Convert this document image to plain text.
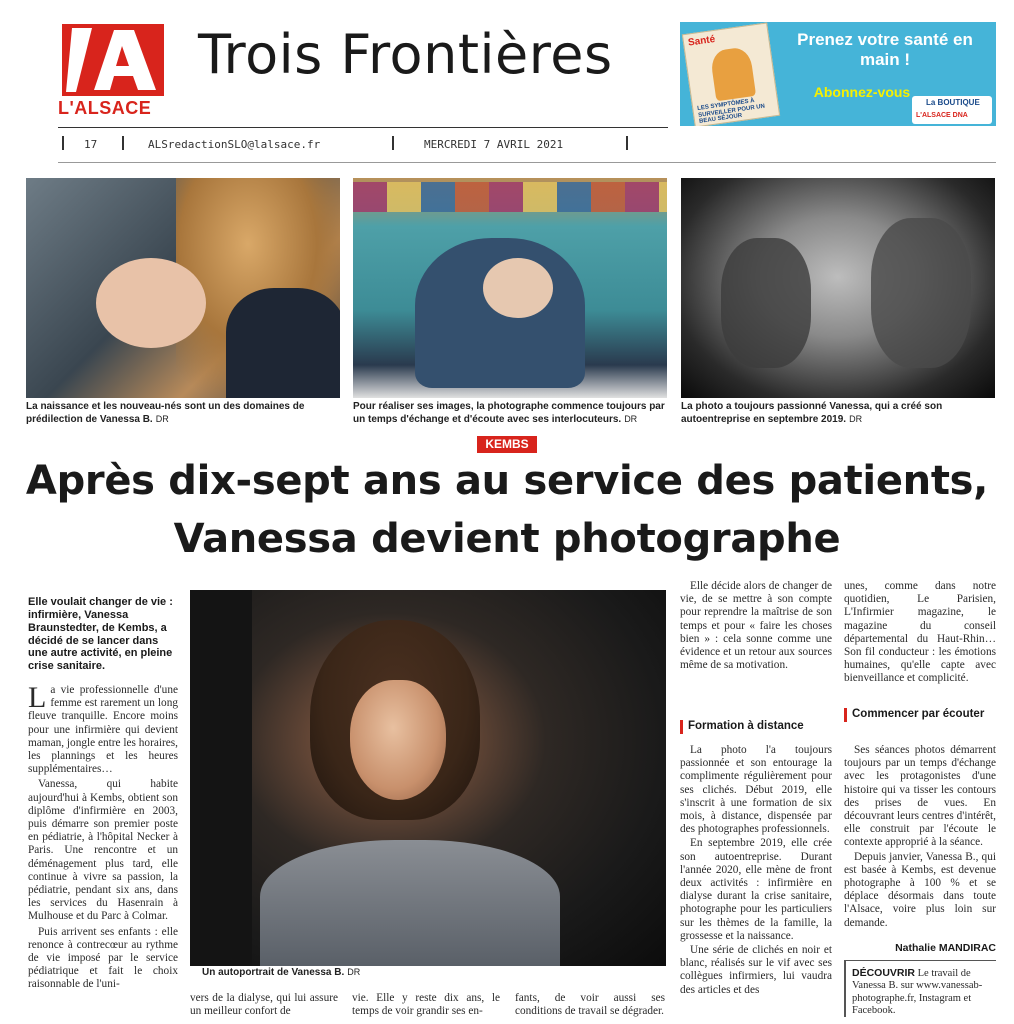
L'ALSACE
Trois Frontières
17	ALSredactionSLO@lalsace.fr	MERCREDI 7 AVRIL 2021
Santé
LES SYMPTÔMES À SURVEILLER POUR UN BEAU SÉJOUR
Prenez votre santé en main !
Abonnez-vous
La BOUTIQUE
L'ALSACE DNA
La naissance et les nouveau-nés sont un des domaines de prédilection de Vanessa B. DR
Pour réaliser ses images, la photographe commence toujours par un temps d'échange et d'écoute avec ses interlocuteurs. DR
La photo a toujours passionné Vanessa, qui a créé son autoentreprise en septembre 2019. DR
KEMBS
Après dix-sept ans au service des patients,
Vanessa devient photographe
Elle voulait changer de vie : infirmière, Vanessa Braunstedter, de Kembs, a décidé de se lancer dans une autre activité, en pleine crise sanitaire.

La vie professionnelle d'une femme est rarement un long fleuve tranquille. Encore moins pour une infirmière qui devient maman, jongle entre les horaires, les plannings et les heures supplémentaires…

Vanessa, qui habite aujourd'hui à Kembs, obtient son diplôme d'infirmière en 2003, puis démarre son premier poste en pédiatrie, à l'hôpital Necker à Paris. Une rencontre et un déménagement plus tard, elle continue à vivre sa passion, la pédiatrie, pendant six ans, dans les services du Hasenrain à Mulhouse et du Parc à Colmar.

Puis arrivent ses enfants : elle renonce à contrecœur au rythme de vie imposé par le service pédiatrique et fait le choix raisonnable de l'uni-

Un autoportrait de Vanessa B. DR
vers de la dialyse, qui lui assure un meilleur confort de
vie. Elle y reste dix ans, le temps de voir grandir ses en-
fants, de voir aussi ses conditions de travail se dégrader.

Elle décide alors de changer de vie, de se mettre à son compte pour reprendre la maîtrise de son temps et pour « faire les choses bien » : cela sonne comme une évidence et un retour aux sources même de sa motivation.

Formation à distance

La photo l'a toujours passionnée et son entourage la complimente régulièrement pour ses clichés. Début 2019, elle s'inscrit à une formation de six mois, à distance, dispensée par des photographes professionnels.

En septembre 2019, elle crée son autoentreprise. Durant l'année 2020, elle mène de front deux activités : infirmière en dialyse durant la crise sanitaire, photographe pour les particuliers sur les thèmes de la famille, la grossesse et la naissance.

Une série de clichés en noir et blanc, réalisés sur le vif avec ses collègues infirmiers, lui vaudra des articles et des

unes, comme dans notre quotidien, Le Parisien, L'Infirmier magazine, le magazine du conseil départemental du Haut-Rhin… Son fil conducteur : les émotions humaines, qu'elle capte avec bienveillance et complicité.

Commencer par écouter

Ses séances photos démarrent toujours par un temps d'échange avec les protagonistes d'une histoire qui va tisser les contours des prises de vues. En découvrant leurs centres d'intérêt, elle construit par l'écoute le contexte approprié à la séance.

Depuis janvier, Vanessa B., qui est basée à Kembs, est devenue photographe à 100 % et se déplace désormais dans toute l'Alsace, voire plus loin sur demande.

Nathalie MANDIRAC
DÉCOUVRIR Le travail de Vanessa B. sur www.vanessab-photographe.fr, Instagram et Facebook.
